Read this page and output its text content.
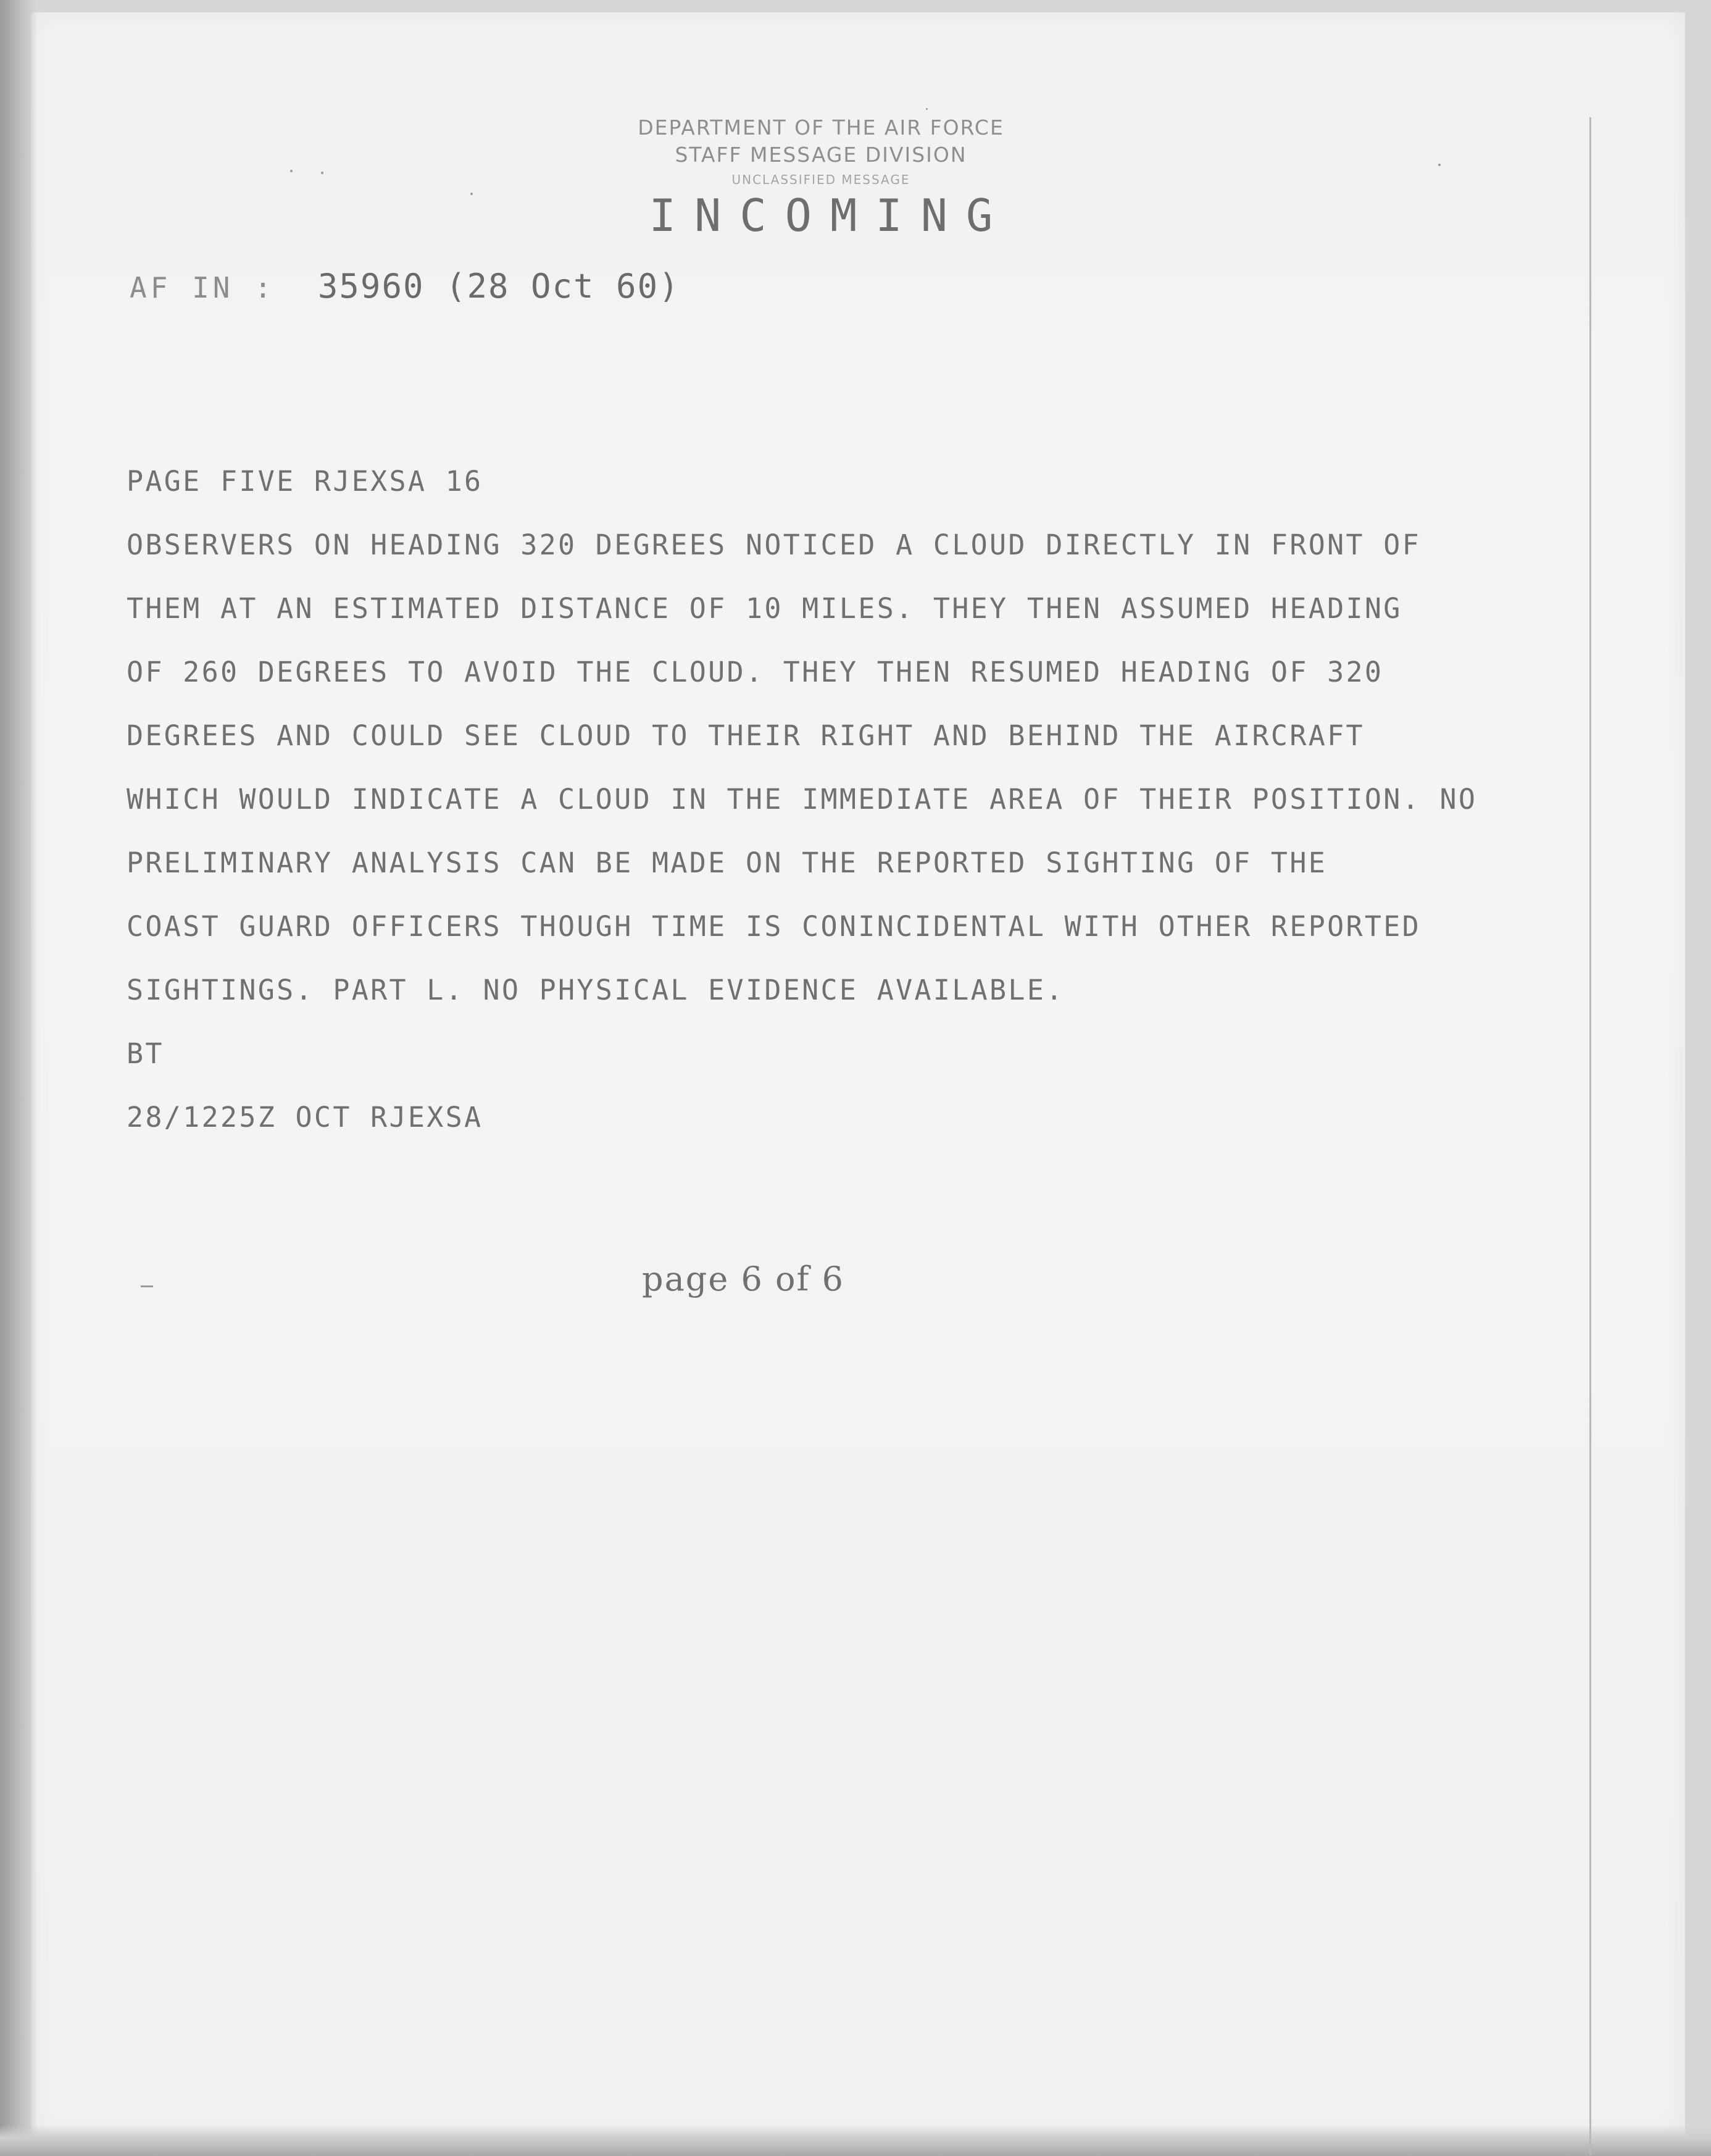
DEPARTMENT OF THE AIR FORCE
STAFF MESSAGE DIVISION
UNCLASSIFIED MESSAGE
INCOMING
AF IN : 35960 (28 Oct 60)
PAGE FIVE RJEXSA 16
OBSERVERS ON HEADING 320 DEGREES NOTICED A CLOUD DIRECTLY IN FRONT OF
THEM AT AN ESTIMATED DISTANCE OF 10 MILES. THEY THEN ASSUMED HEADING
OF 260 DEGREES TO AVOID THE CLOUD. THEY THEN RESUMED HEADING OF 320
DEGREES AND COULD SEE CLOUD TO THEIR RIGHT AND BEHIND THE AIRCRAFT
WHICH WOULD INDICATE A CLOUD IN THE IMMEDIATE AREA OF THEIR POSITION. NO
PRELIMINARY ANALYSIS CAN BE MADE ON THE REPORTED SIGHTING OF THE
COAST GUARD OFFICERS THOUGH TIME IS CONINCIDENTAL WITH OTHER REPORTED
SIGHTINGS. PART L. NO PHYSICAL EVIDENCE AVAILABLE.
BT
28/1225Z OCT RJEXSA
page 6 of 6
